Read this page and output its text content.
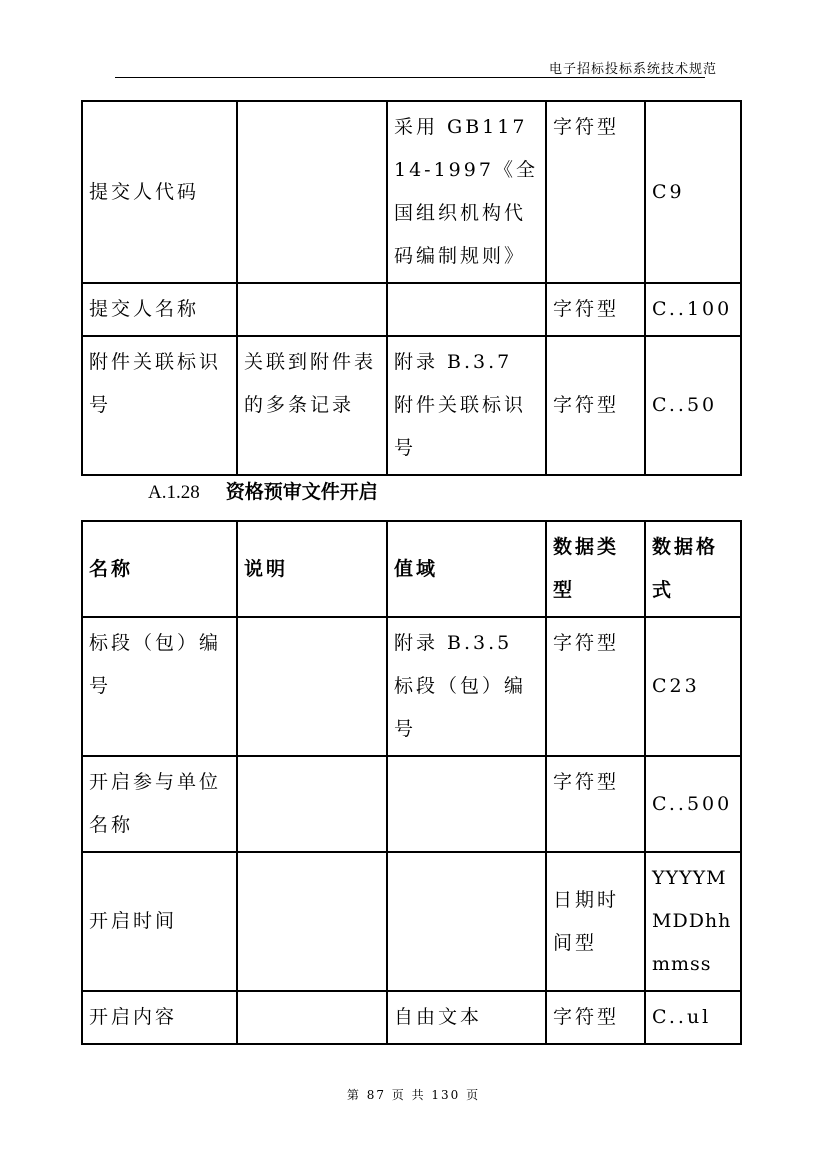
电子招标投标系统技术规范
提交人代码		采用 GB11714-1997《全国组织机构代码编制规则》	字符型	C9
提交人名称			字符型	C..100
附件关联标识号	关联到附件表的多条记录	附录 B.3.7 附件关联标识号	字符型	C..50
A.1.28 资格预审文件开启
名称	说明	值域	数据类型	数据格式
标段（包）编号		附录 B.3.5 标段（包）编号	字符型	C23
开启参与单位名称			字符型	C..500
开启时间			日期时间型	YYYYMMDDhhmmss
开启内容		自由文本	字符型	C..ul
第 87 页 共 130 页
